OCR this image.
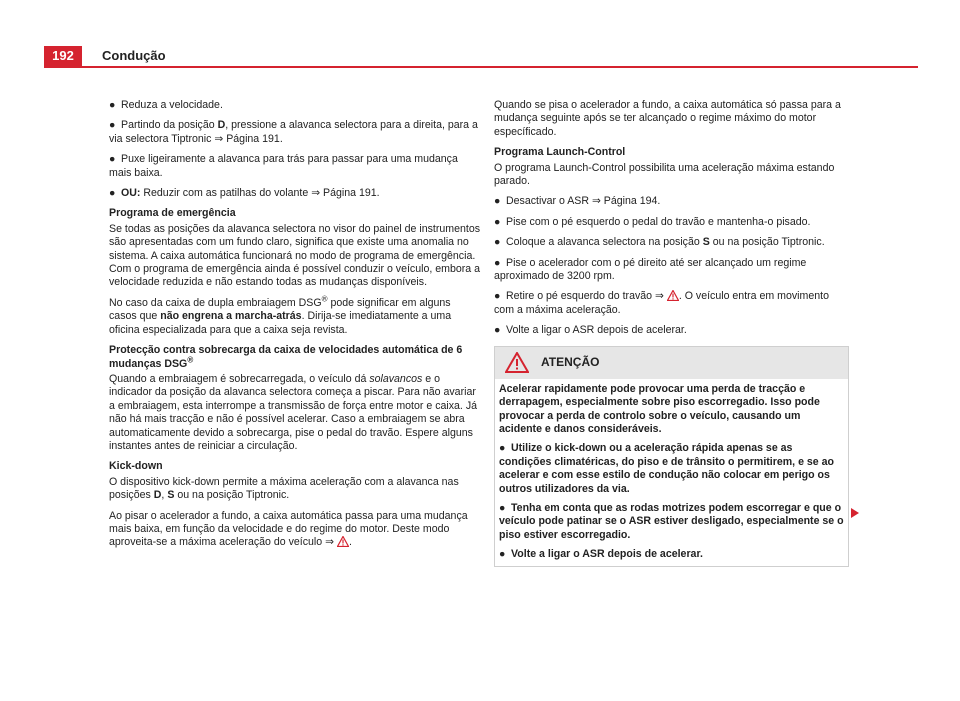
192	Condução

● Reduza a velocidade.

● Partindo da posição D, pressione a alavanca selectora para a direita, para a via selectora Tiptronic ⇒ Página 191.

● Puxe ligeiramente a alavanca para trás para passar para uma mudança mais baixa.

● OU: Reduzir com as patilhas do volante ⇒ Página 191.

Programa de emergência

Se todas as posições da alavanca selectora no visor do painel de instrumentos são apresentadas com um fundo claro, significa que existe uma anomalia no sistema. A caixa automática funcionará no modo de programa de emergência. Com o programa de emergência ainda é possível conduzir o veículo, embora a velocidade reduzida e não estando todas as mudanças disponíveis.

No caso da caixa de dupla embraiagem DSG® pode significar em alguns casos que não engrena a marcha-atrás. Dirija-se imediatamente a uma oficina especializada para que a caixa seja revista.

Protecção contra sobrecarga da caixa de velocidades automática de 6 mudanças DSG®

Quando a embraiagem é sobrecarregada, o veículo dá solavancos e o indicador da posição da alavanca selectora começa a piscar. Para não avariar a embraiagem, esta interrompe a transmissão de força entre motor e caixa. Já não há mais tracção e não é possível acelerar. Caso a embraiagem se abra automaticamente devido a sobrecarga, pise o pedal do travão. Espere alguns instantes antes de reiniciar a circulação.

Kick-down

O dispositivo kick-down permite a máxima aceleração com a alavanca nas posições D, S ou na posição Tiptronic.

Ao pisar o acelerador a fundo, a caixa automática passa para uma mudança mais baixa, em função da velocidade e do regime do motor. Deste modo aproveita-se a máxima aceleração do veículo ⇒ .

Quando se pisa o acelerador a fundo, a caixa automática só passa para a mudança seguinte após se ter alcançado o regime máximo do motor específicado.

Programa Launch-Control

O programa Launch-Control possibilita uma aceleração máxima estando parado.

● Desactivar o ASR ⇒ Página 194.

● Pise com o pé esquerdo o pedal do travão e mantenha-o pisado.

● Coloque a alavanca selectora na posição S ou na posição Tiptronic.

● Pise o acelerador com o pé direito até ser alcançado um regime aproximado de 3200 rpm.

● Retire o pé esquerdo do travão ⇒ . O veículo entra em movimento com a máxima aceleração.

● Volte a ligar o ASR depois de acelerar.

ATENÇÃO

Acelerar rapidamente pode provocar uma perda de tracção e derrapagem, especialmente sobre piso escorregadio. Isso pode provocar a perda de controlo sobre o veículo, causando um acidente e danos consideráveis.

● Utilize o kick-down ou a aceleração rápida apenas se as condições climatéricas, do piso e de trânsito o permitirem, e se ao acelerar e com esse estilo de condução não colocar em perigo os outros utilizadores da via.

● Tenha em conta que as rodas motrizes podem escorregar e que o veículo pode patinar se o ASR estiver desligado, especialmente se o piso estiver escorregadio.

● Volte a ligar o ASR depois de acelerar.
